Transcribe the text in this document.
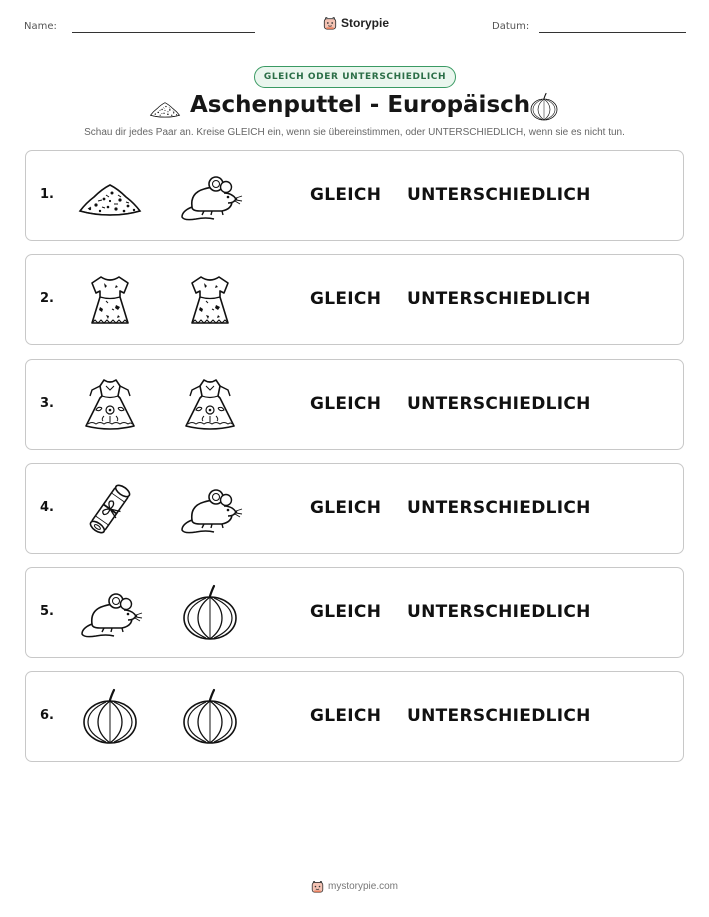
Name:	Storypie	Datum:
GLEICH ODER UNTERSCHIEDLICH
Aschenputtel - Europäisch
Schau dir jedes Paar an. Kreise GLEICH ein, wenn sie übereinstimmen, oder UNTERSCHIEDLICH, wenn sie es nicht tun.
1.	GLEICH UNTERSCHIEDLICH
2.	GLEICH UNTERSCHIEDLICH
3.	GLEICH UNTERSCHIEDLICH
4.	GLEICH UNTERSCHIEDLICH
5.	GLEICH UNTERSCHIEDLICH
6.	GLEICH UNTERSCHIEDLICH
mystorypie.com
